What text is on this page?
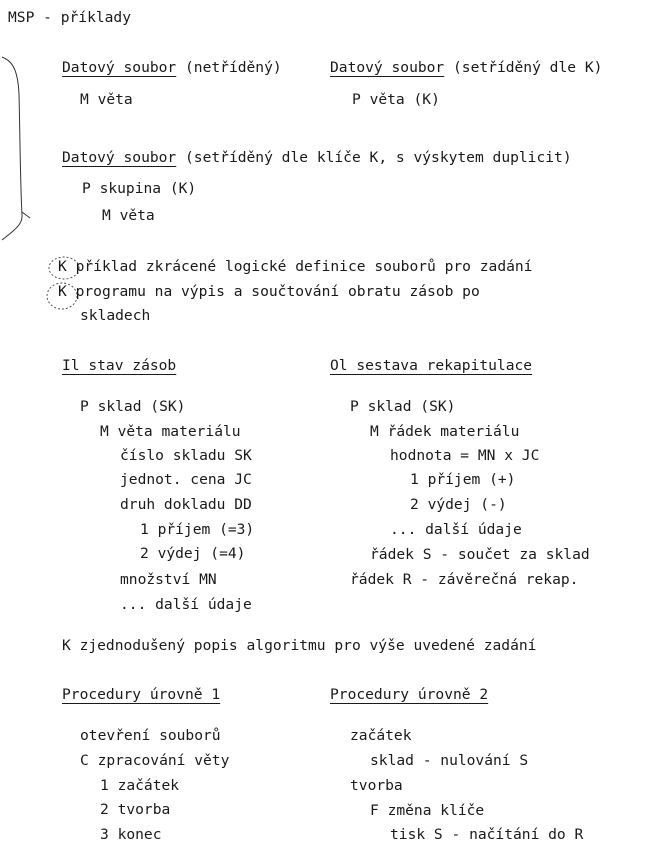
MSP - příklady
Datový soubor (netříděný)
M věta
Datový soubor (setříděný dle K)
P věta (K)
Datový soubor (setříděný dle klíče K, s výskytem duplicit)
P skupina (K)
M věta
K příklad zkrácené logické definice souborů pro zadání
K programu na výpis a součtování obratu zásob po
skladech
Il stav zásob
P sklad (SK)
M věta materiálu
číslo skladu SK
jednot. cena JC
druh dokladu DD
1 příjem (=3)
2 výdej (=4)
množství MN
... další údaje
Ol sestava rekapitulace
P sklad (SK)
M řádek materiálu
hodnota = MN x JC
1 příjem (+)
2 výdej (-)
... další údaje
řádek S - součet za sklad
řádek R - závěrečná rekap.
K zjednodušený popis algoritmu pro výše uvedené zadání
Procedury úrovně 1
otevření souborů
C zpracování věty
1 začátek
2 tvorba
3 konec
Procedury úrovně 2
začátek
sklad - nulování S
tvorba
F změna klíče
tisk S - načítání do R
